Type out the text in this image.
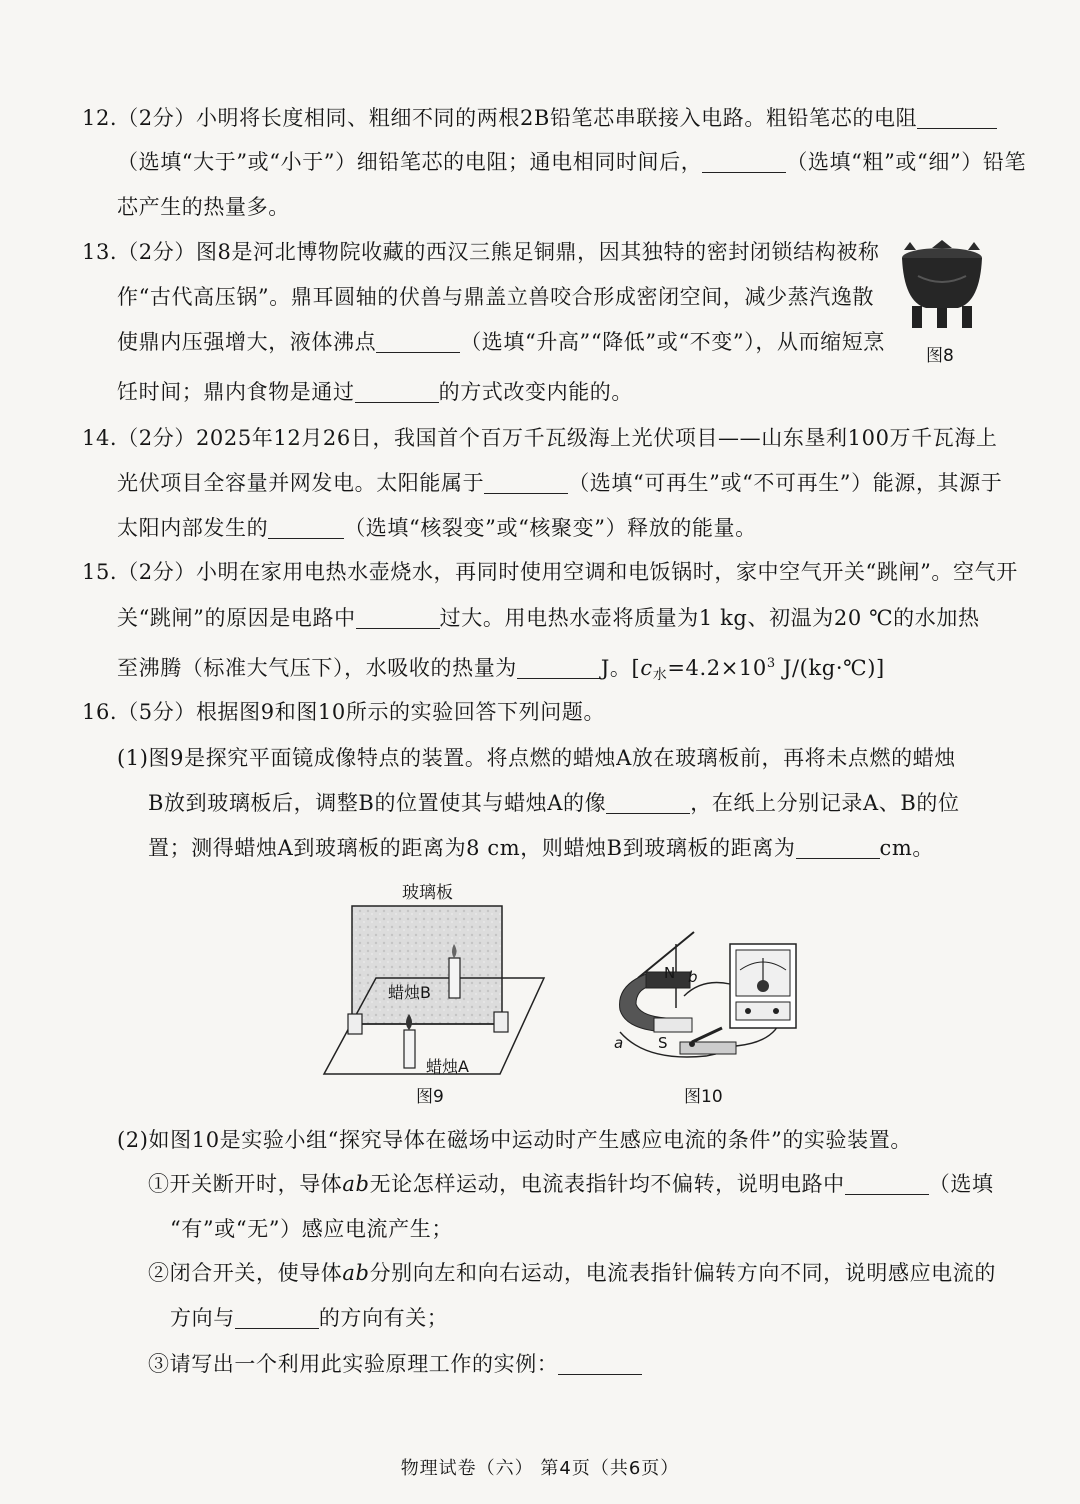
12.（2分）小明将长度相同、粗细不同的两根2B铅笔芯串联接入电路。粗铅笔芯的电阻
（选填“大于”或“小于”）细铅笔芯的电阻；通电相同时间后，	（选填“粗”或“细”）铅笔
芯产生的热量多。
13.（2分）图8是河北博物院收藏的西汉三熊足铜鼎，因其独特的密封闭锁结构被称
作“古代高压锅”。鼎耳圆轴的伏兽与鼎盖立兽咬合形成密闭空间，减少蒸汽逸散
使鼎内压强增大，液体沸点	（选填“升高”“降低”或“不变”），从而缩短烹
饪时间；鼎内食物是通过	的方式改变内能的。
图8
14.（2分）2025年12月26日，我国首个百万千瓦级海上光伏项目——山东垦利100万千瓦海上
光伏项目全容量并网发电。太阳能属于	（选填“可再生”或“不可再生”）能源，其源于
太阳内部发生的	（选填“核裂变”或“核聚变”）释放的能量。
15.（2分）小明在家用电热水壶烧水，再同时使用空调和电饭锅时，家中空气开关“跳闸”。空气开
关“跳闸”的原因是电路中	过大。用电热水壶将质量为1 kg、初温为20 ℃的水加热
至沸腾（标准大气压下），水吸收的热量为	J。[$c_水=4.2\times 10^3$ J/(kg·℃)]
16.（5分）根据图9和图10所示的实验回答下列问题。
(1)图9是探究平面镜成像特点的装置。将点燃的蜡烛A放在玻璃板前，再将未点燃的蜡烛
B放到玻璃板后，调整B的位置使其与蜡烛A的像	，在纸上分别记录A、B的位
置；测得蜡烛A到玻璃板的距离为8 cm，则蜡烛B到玻璃板的距离为	cm。
玻璃板
蜡烛B
蜡烛A
图9
N
S
a
b
图10
(2)如图10是实验小组“探究导体在磁场中运动时产生感应电流的条件”的实验装置。
①开关断开时，导体ab无论怎样运动，电流表指针均不偏转，说明电路中	（选填
“有”或“无”）感应电流产生；
②闭合开关，使导体ab分别向左和向右运动，电流表指针偏转方向不同，说明感应电流的
方向与	的方向有关；
③请写出一个利用此实验原理工作的实例：
物理试卷（六） 第4页（共6页）
